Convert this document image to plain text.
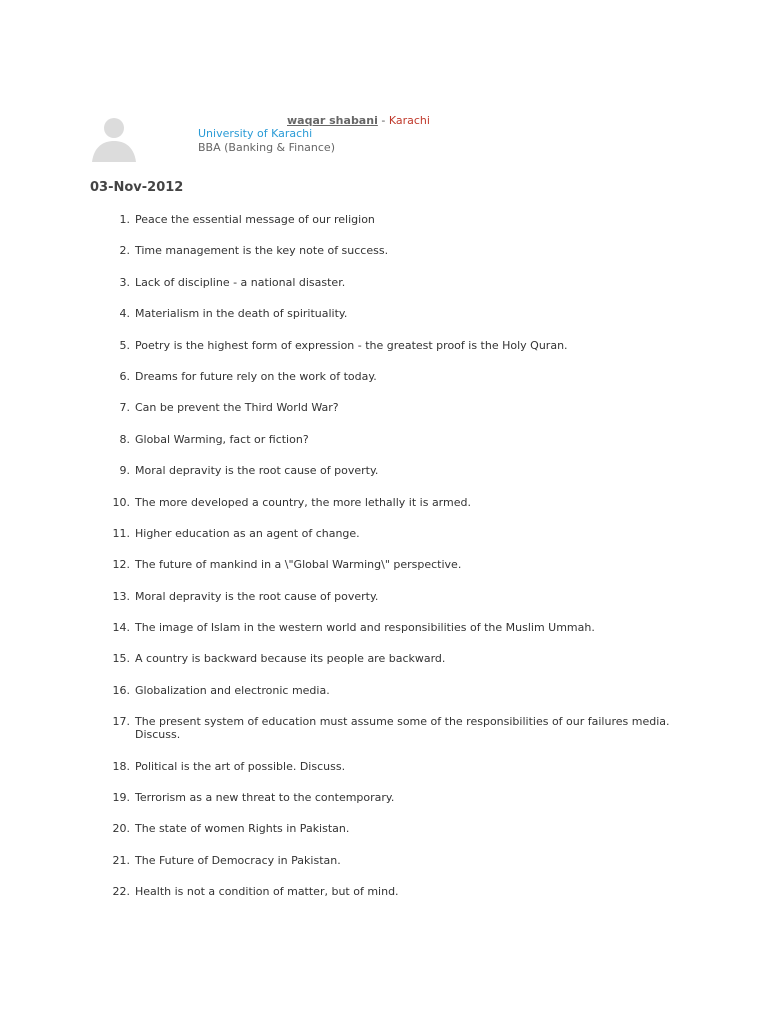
waqar shabani - Karachi
University of Karachi
BBA (Banking & Finance)
03-Nov-2012
1. Peace the essential message of our religion
2. Time management is the key note of success.
3. Lack of discipline - a national disaster.
4. Materialism in the death of spirituality.
5. Poetry is the highest form of expression - the greatest proof is the Holy Quran.
6. Dreams for future rely on the work of today.
7. Can be prevent the Third World War?
8. Global Warming, fact or fiction?
9. Moral depravity is the root cause of poverty.
10. The more developed a country, the more lethally it is armed.
11. Higher education as an agent of change.
12. The future of mankind in a \"Global Warming\" perspective.
13. Moral depravity is the root cause of poverty.
14. The image of Islam in the western world and responsibilities of the Muslim Ummah.
15. A country is backward because its people are backward.
16. Globalization and electronic media.
17. The present system of education must assume some of the responsibilities of our failures media. Discuss.
18. Political is the art of possible. Discuss.
19. Terrorism as a new threat to the contemporary.
20. The state of women Rights in Pakistan.
21. The Future of Democracy in Pakistan.
22. Health is not a condition of matter, but of mind.
